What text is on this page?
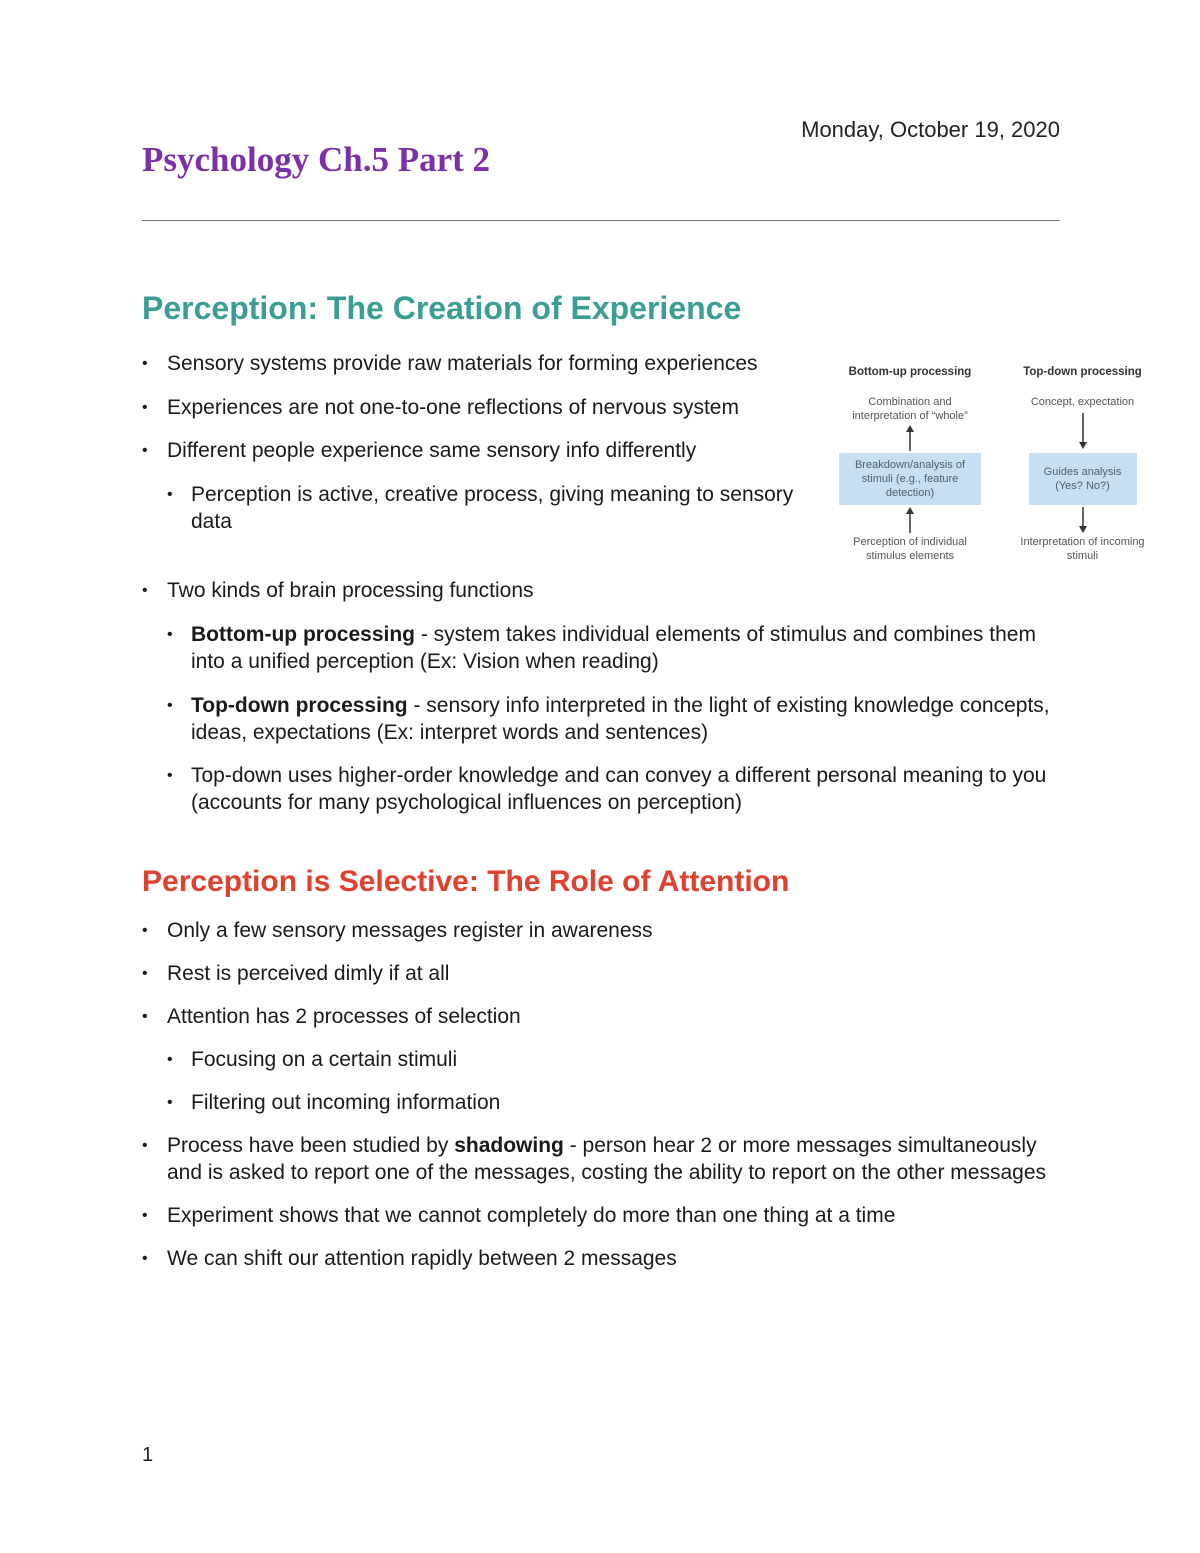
Monday, October 19, 2020
Psychology Ch.5 Part 2
Perception: The Creation of Experience
• Sensory systems provide raw materials for forming experiences
• Experiences are not one-to-one reflections of nervous system
• Different people experience same sensory info differently
• Perception is active, creative process, giving meaning to sensory data
• Two kinds of brain processing functions
• Bottom-up processing - system takes individual elements of stimulus and combines them into a unified perception (Ex: Vision when reading)
• Top-down processing - sensory info interpreted in the light of existing knowledge concepts, ideas, expectations (Ex: interpret words and sentences)
• Top-down uses higher-order knowledge and can convey a different personal meaning to you (accounts for many psychological influences on perception)
Bottom-up processing
Combination and interpretation of “whole”
Breakdown/analysis of stimuli (e.g., feature detection)
Perception of individual stimulus elements
Top-down processing
Concept, expectation
Guides analysis (Yes? No?)
Interpretation of incoming stimuli
Perception is Selective: The Role of Attention
• Only a few sensory messages register in awareness
• Rest is perceived dimly if at all
• Attention has 2 processes of selection
• Focusing on a certain stimuli
• Filtering out incoming information
• Process have been studied by shadowing - person hear 2 or more messages simultaneously and is asked to report one of the messages, costing the ability to report on the other messages
• Experiment shows that we cannot completely do more than one thing at a time
• We can shift our attention rapidly between 2 messages
1
